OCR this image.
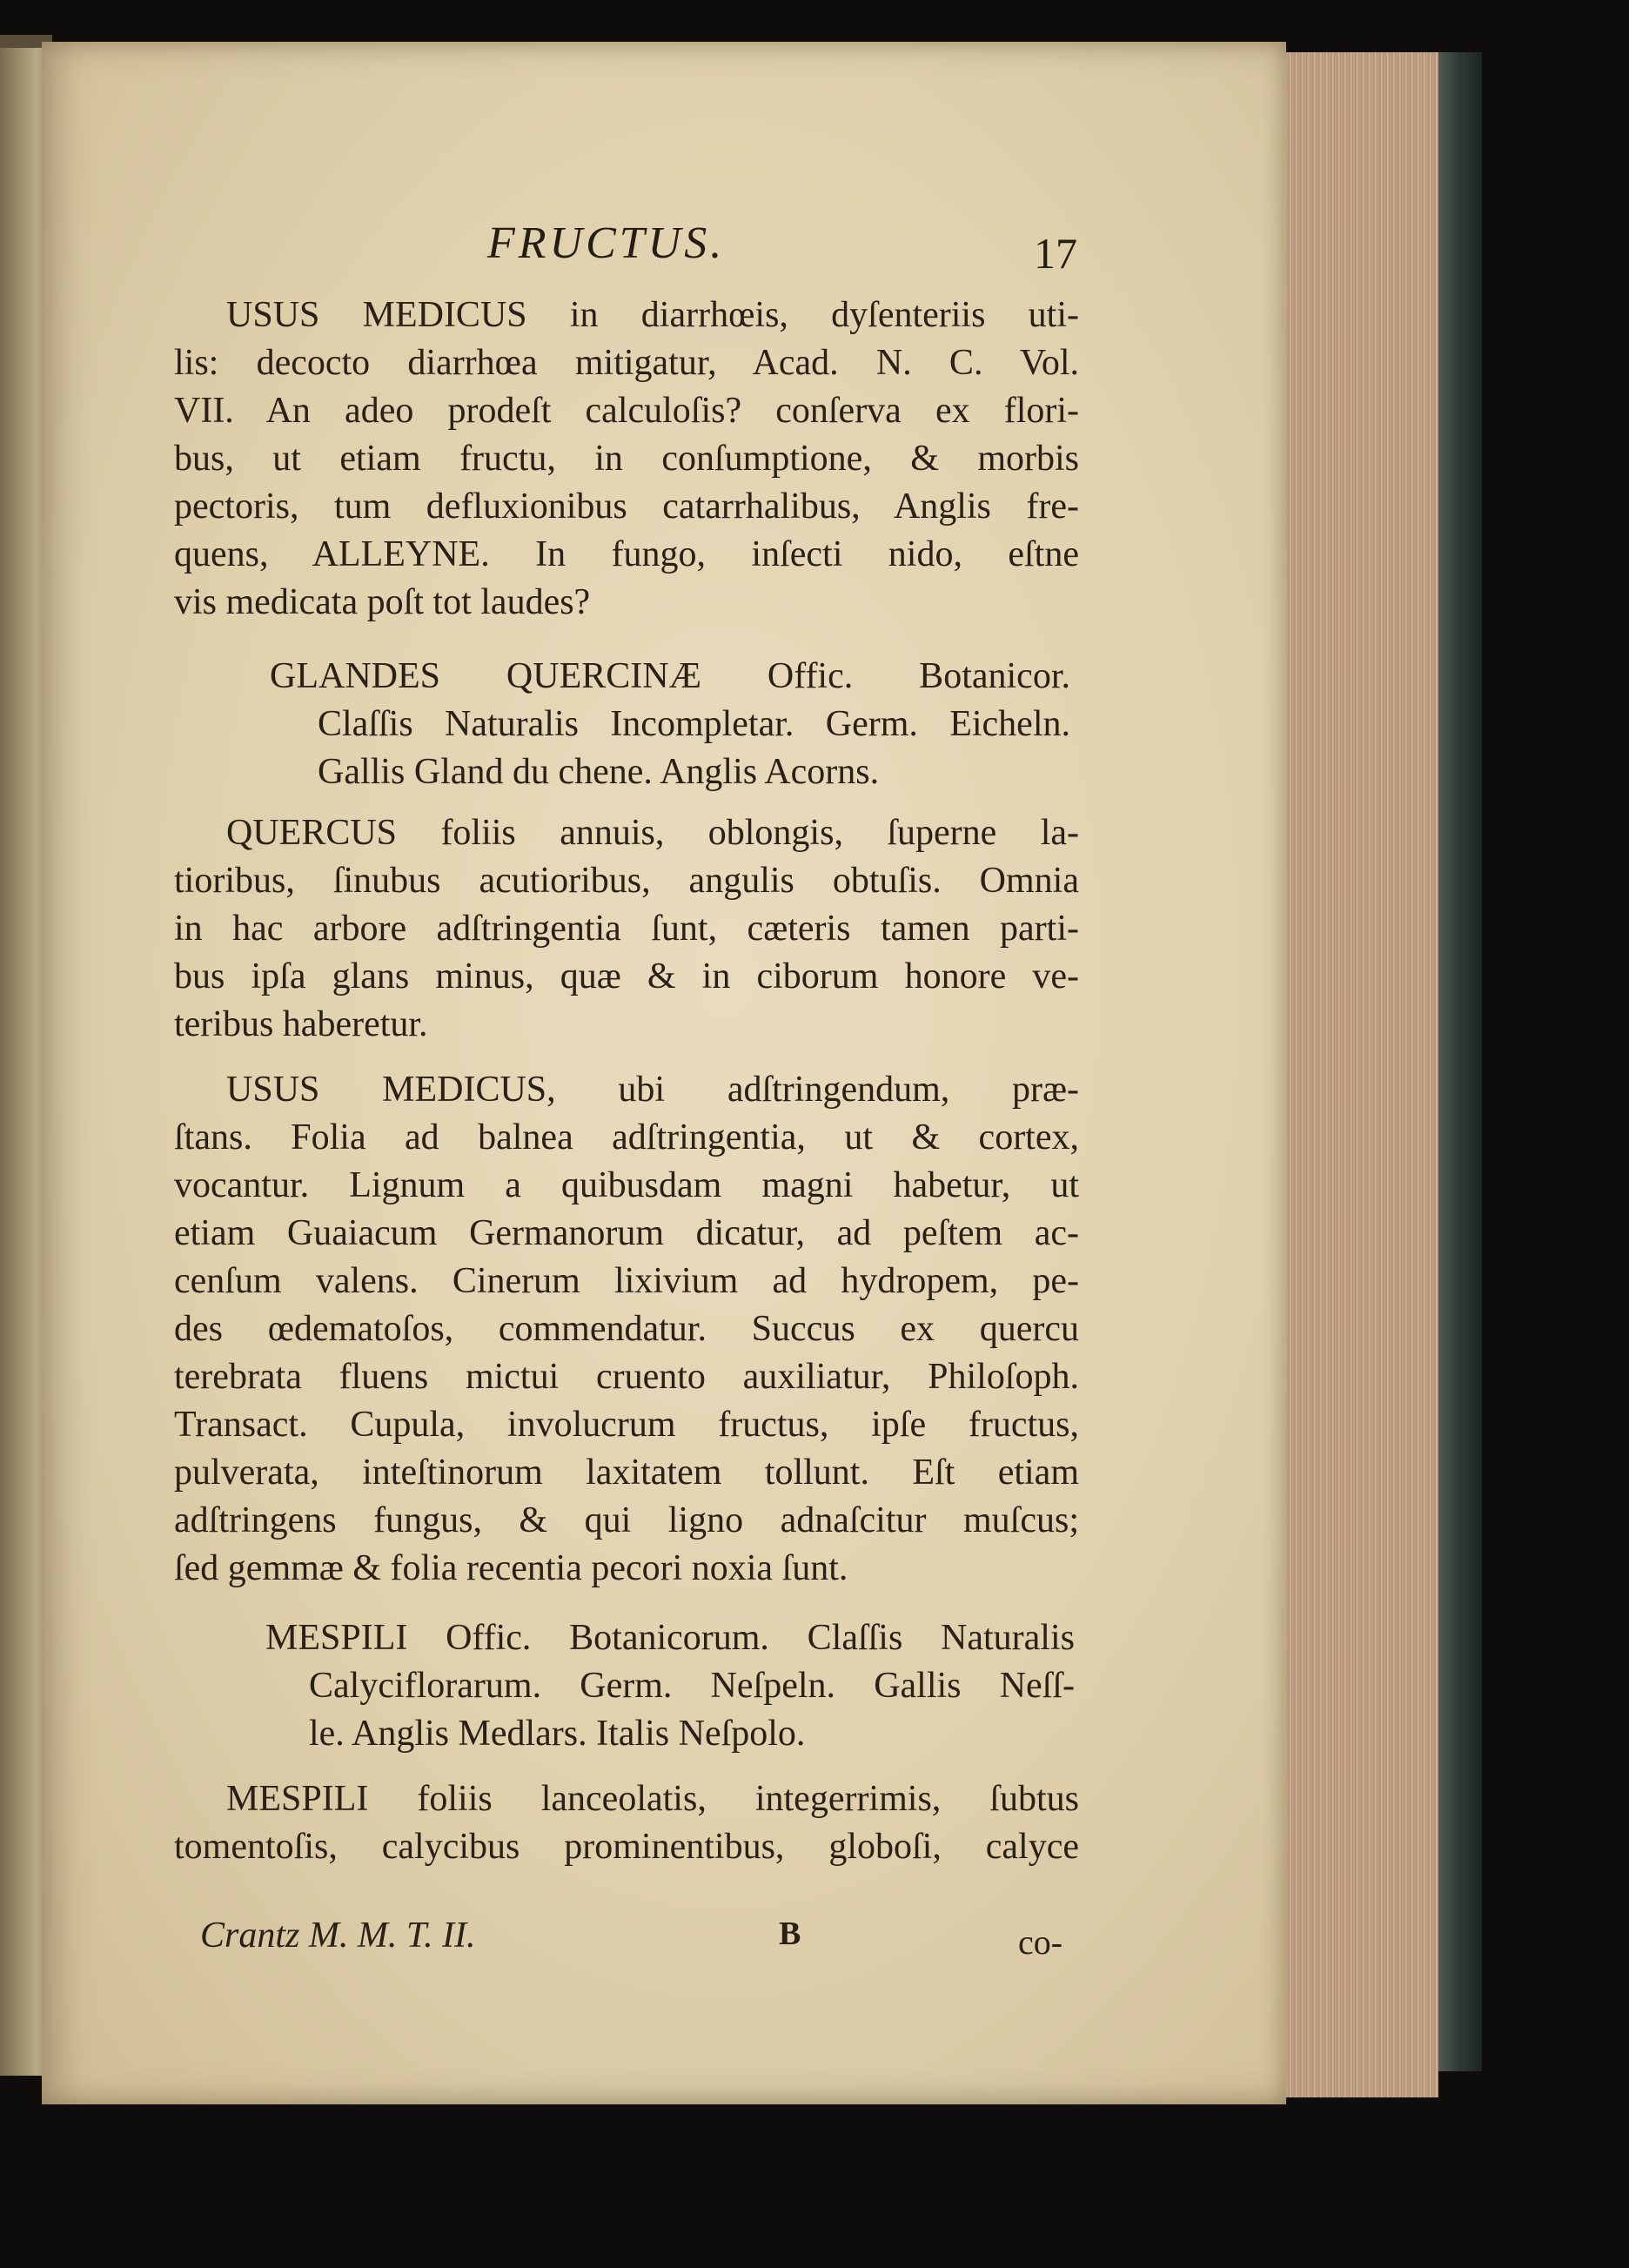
FRUCTUS.	17
USUS MEDICUS in diarrhœis, dyſenteriis uti-
lis: decocto diarrhœa mitigatur, Acad. N. C. Vol.
VII. An adeo prodeſt calculoſis? conſerva ex flori-
bus, ut etiam fructu, in conſumptione, & morbis
pectoris, tum defluxionibus catarrhalibus, Anglis fre-
quens, ALLEYNE. In fungo, inſecti nido, eſtne
vis medicata poſt tot laudes?
GLANDES QUERCINÆ Offic. Botanicor.
Claſſis Naturalis Incompletar. Germ. Eicheln.
Gallis Gland du chene. Anglis Acorns.
QUERCUS foliis annuis, oblongis, ſuperne la-
tioribus, ſinubus acutioribus, angulis obtuſis. Omnia
in hac arbore adſtringentia ſunt, cæteris tamen parti-
bus ipſa glans minus, quæ & in ciborum honore ve-
teribus haberetur.
USUS MEDICUS, ubi adſtringendum, præ-
ſtans. Folia ad balnea adſtringentia, ut & cortex,
vocantur. Lignum a quibusdam magni habetur, ut
etiam Guaiacum Germanorum dicatur, ad peſtem ac-
cenſum valens. Cinerum lixivium ad hydropem, pe-
des œdematoſos, commendatur. Succus ex quercu
terebrata fluens mictui cruento auxiliatur, Philoſoph.
Transact. Cupula, involucrum fructus, ipſe fructus,
pulverata, inteſtinorum laxitatem tollunt. Eſt etiam
adſtringens fungus, & qui ligno adnaſcitur muſcus;
ſed gemmæ & folia recentia pecori noxia ſunt.
MESPILI Offic. Botanicorum. Claſſis Naturalis
Calyciflorarum. Germ. Neſpeln. Gallis Neſſ-
le. Anglis Medlars. Italis Neſpolo.
MESPILI foliis lanceolatis, integerrimis, ſubtus
tomentoſis, calycibus prominentibus, globoſi, calyce
Crantz M. M. T. II.	B	co-
